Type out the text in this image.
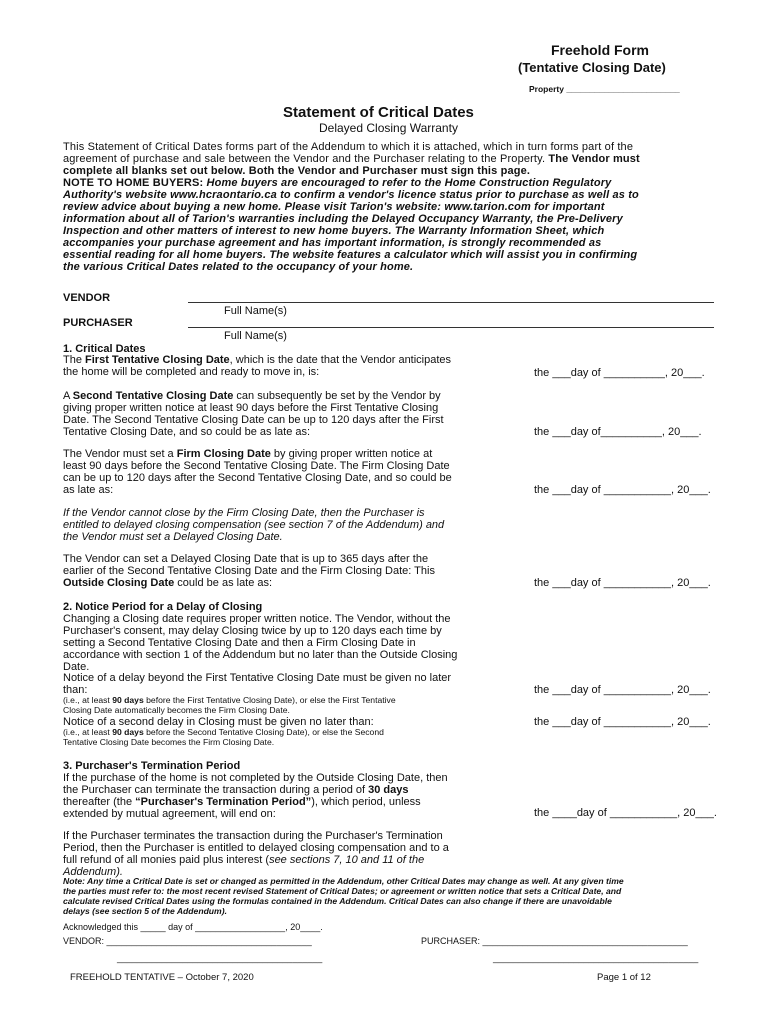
Freehold Form
(Tentative Closing Date)
Property ________________________
Statement of Critical Dates
Delayed Closing Warranty
This Statement of Critical Dates forms part of the Addendum to which it is attached, which in turn forms part of the
agreement of purchase and sale between the Vendor and the Purchaser relating to the Property. The Vendor must
complete all blanks set out below. Both the Vendor and Purchaser must sign this page.
NOTE TO HOME BUYERS: Home buyers are encouraged to refer to the Home Construction Regulatory
Authority's website www.hcraontario.ca to confirm a vendor's licence status prior to purchase as well as to
review advice about buying a new home. Please visit Tarion's website: www.tarion.com for important
information about all of Tarion's warranties including the Delayed Occupancy Warranty, the Pre-Delivery
Inspection and other matters of interest to new home buyers. The Warranty Information Sheet, which
accompanies your purchase agreement and has important information, is strongly recommended as
essential reading for all home buyers. The website features a calculator which will assist you in confirming
the various Critical Dates related to the occupancy of your home.
VENDOR
Full Name(s)
PURCHASER
Full Name(s)
1. Critical Dates
The First Tentative Closing Date, which is the date that the Vendor anticipates
the home will be completed and ready to move in, is:	the ___day of __________, 20___.
A Second Tentative Closing Date can subsequently be set by the Vendor by
giving proper written notice at least 90 days before the First Tentative Closing
Date. The Second Tentative Closing Date can be up to 120 days after the First
Tentative Closing Date, and so could be as late as:	the ___day of__________, 20___.
The Vendor must set a Firm Closing Date by giving proper written notice at
least 90 days before the Second Tentative Closing Date. The Firm Closing Date
can be up to 120 days after the Second Tentative Closing Date, and so could be
as late as:	the ___day of ___________, 20___.
If the Vendor cannot close by the Firm Closing Date, then the Purchaser is
entitled to delayed closing compensation (see section 7 of the Addendum) and
the Vendor must set a Delayed Closing Date.
The Vendor can set a Delayed Closing Date that is up to 365 days after the
earlier of the Second Tentative Closing Date and the Firm Closing Date: This
Outside Closing Date could be as late as:	the ___day of ___________, 20___.
2. Notice Period for a Delay of Closing
Changing a Closing date requires proper written notice. The Vendor, without the
Purchaser's consent, may delay Closing twice by up to 120 days each time by
setting a Second Tentative Closing Date and then a Firm Closing Date in
accordance with section 1 of the Addendum but no later than the Outside Closing
Date.
Notice of a delay beyond the First Tentative Closing Date must be given no later
than:	the ___day of ___________, 20___.
(i.e., at least 90 days before the First Tentative Closing Date), or else the First Tentative
Closing Date automatically becomes the Firm Closing Date.
Notice of a second delay in Closing must be given no later than:	the ___day of ___________, 20___.
(i.e., at least 90 days before the Second Tentative Closing Date), or else the Second
Tentative Closing Date becomes the Firm Closing Date.
3. Purchaser's Termination Period
If the purchase of the home is not completed by the Outside Closing Date, then
the Purchaser can terminate the transaction during a period of 30 days
thereafter (the “Purchaser's Termination Period”), which period, unless
extended by mutual agreement, will end on:	the ____day of ___________, 20___.
If the Purchaser terminates the transaction during the Purchaser's Termination
Period, then the Purchaser is entitled to delayed closing compensation and to a
full refund of all monies paid plus interest (see sections 7, 10 and 11 of the
Addendum).
Note: Any time a Critical Date is set or changed as permitted in the Addendum, other Critical Dates may change as well. At any given time
the parties must refer to: the most recent revised Statement of Critical Dates; or agreement or written notice that sets a Critical Date, and
calculate revised Critical Dates using the formulas contained in the Addendum. Critical Dates can also change if there are unavoidable
delays (see section 5 of the Addendum).
Acknowledged this _____ day of __________________, 20____.
VENDOR: _________________________________________
_________________________________________
PURCHASER: _________________________________________
_________________________________________
FREEHOLD TENTATIVE – October 7, 2020	Page 1 of 12
